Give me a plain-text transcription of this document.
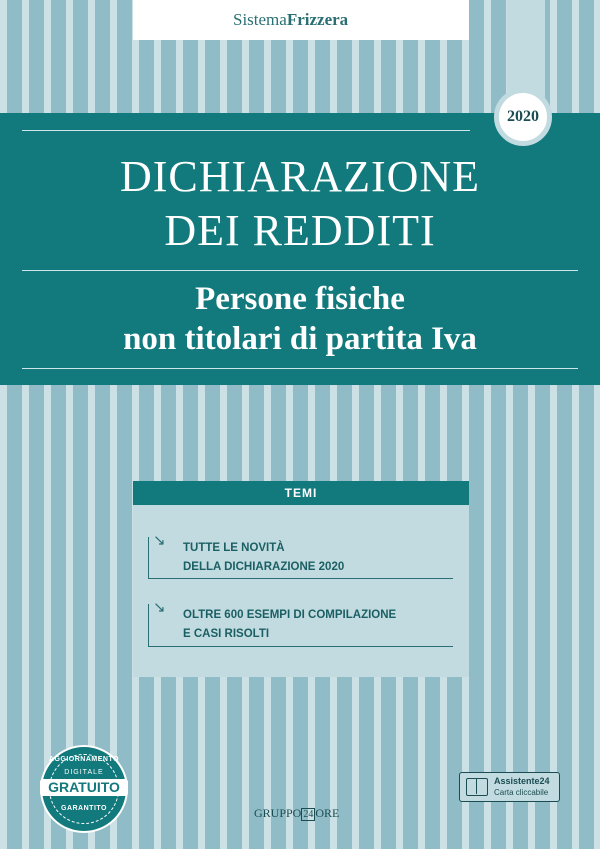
SistemaFrizzera
DICHIARAZIONE
DEI REDDITI
Persone fisiche
non titolari di partita Iva
2020
TEMI
↘ TUTTE LE NOVITÀ
DELLA DICHIARAZIONE 2020
↘ OLTRE 600 ESEMPI DI COMPILAZIONE
E CASI RISOLTI
AGGIORNAMENTO
DIGITALE
GRATUITO
GARANTITO	GRUPPO 24 ORE
Assistente24
Carta cliccabile
